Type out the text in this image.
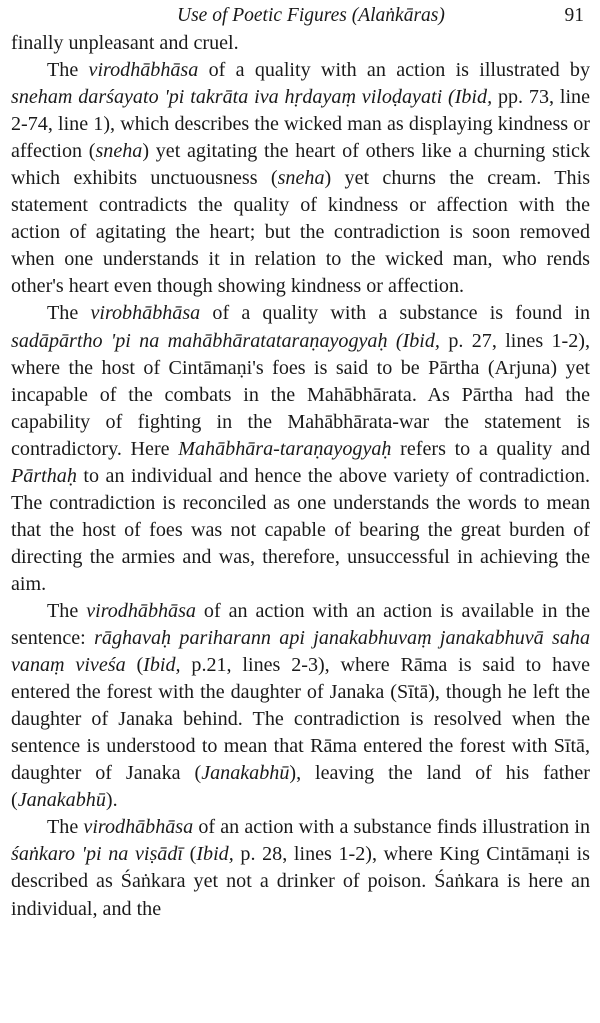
Use of Poetic Figures (Alaṅkāras)	91

finally unpleasant and cruel.

The virodhābhāsa of a quality with an action is illustrated by sneham darśayato 'pi takrāta iva hṛdayaṃ viloḍayati (Ibid, pp. 73, line 2-74, line 1), which describes the wicked man as displaying kindness or affection (sneha) yet agitating the heart of others like a churning stick which exhibits unctuousness (sneha) yet churns the cream. This statement contradicts the quality of kindness or affection with the action of agitating the heart; but the contradiction is soon removed when one understands it in relation to the wicked man, who rends other's heart even though showing kindness or affection.

The virobhābhāsa of a quality with a substance is found in sadāpārtho 'pi na mahābhāratataraṇayogyaḥ (Ibid, p. 27, lines 1-2), where the host of Cintāmaṇi's foes is said to be Pārtha (Arjuna) yet incapable of the combats in the Mahābhārata. As Pārtha had the capability of fighting in the Mahābhārata-war the statement is contradictory. Here Mahābhāra-taraṇayogyaḥ refers to a quality and Pārthaḥ to an individual and hence the above variety of contradiction. The contradiction is reconciled as one understands the words to mean that the host of foes was not capable of bearing the great burden of directing the armies and was, therefore, unsuccessful in achieving the aim.

The virodhābhāsa of an action with an action is available in the sentence: rāghavaḥ pariharann api janakabhuvaṃ janakabhuvā saha vanaṃ viveśa (Ibid, p.21, lines 2-3), where Rāma is said to have entered the forest with the daughter of Janaka (Sītā), though he left the daughter of Janaka behind. The contradiction is resolved when the sentence is understood to mean that Rāma entered the forest with Sītā, daughter of Janaka (Janakabhū), leaving the land of his father (Janakabhū).

The virodhābhāsa of an action with a substance finds illustration in śaṅkaro 'pi na viṣādī (Ibid, p. 28, lines 1-2), where King Cintāmaṇi is described as Śaṅkara yet not a drinker of poison. Śaṅkara is here an individual, and the
